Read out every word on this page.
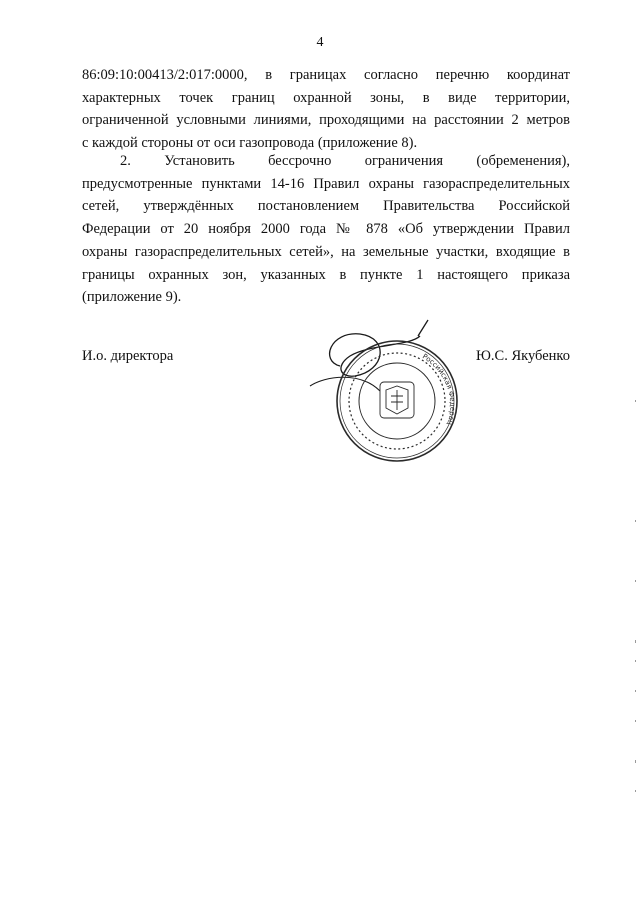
4
86:09:10:00413/2:017:0000, в границах согласно перечню координат
характерных точек границ охранной зоны, в виде территории,
ограниченной условными линиями, проходящими на расстоянии 2 метров
с каждой стороны от оси газопровода (приложение 8).
2. Установить бессрочно ограничения (обременения),
предусмотренные пунктами 14-16 Правил охраны газораспределительных
сетей, утверждённых постановлением Правительства Российской
Федерации от 20 ноября 2000 года № 878 «Об утверждении Правил
охраны газораспределительных сетей», на земельные участки, входящие в
границы охранных зон, указанных в пункте 1 настоящего приказа
(приложение 9).
И.о. директора	Ю.С. Якубенко
Российская Федерация
